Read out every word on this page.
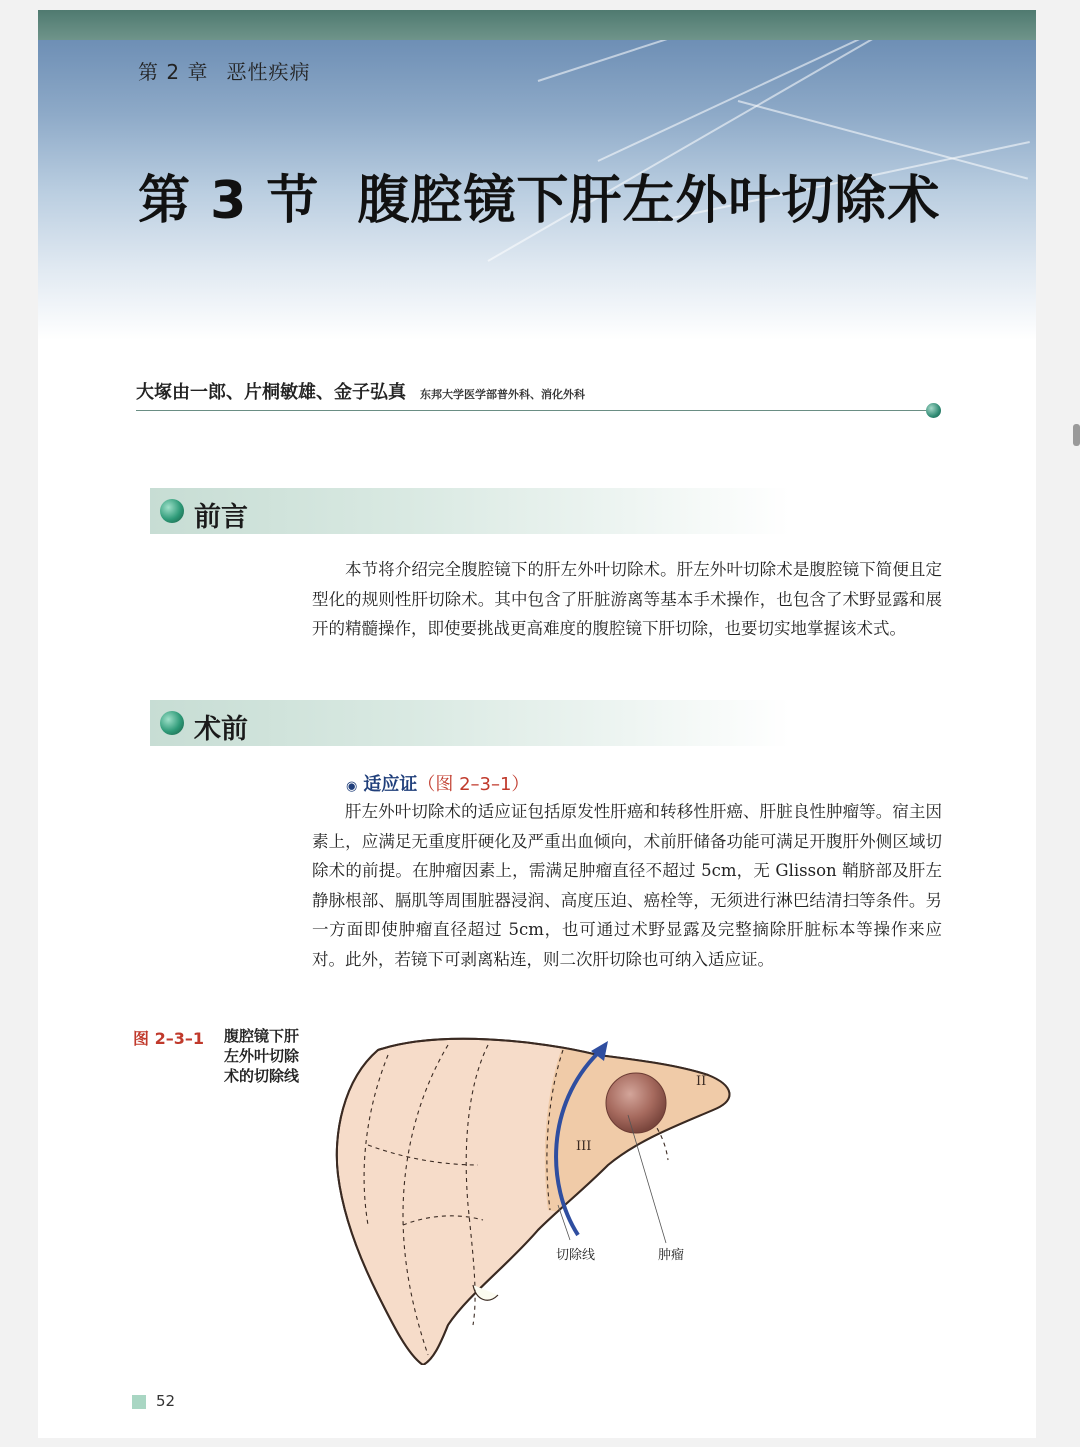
第 2 章 恶性疾病
第 3 节 腹腔镜下肝左外叶切除术
大塚由一郎、片桐敏雄、金子弘真 东邦大学医学部普外科、消化外科
前言

本节将介绍完全腹腔镜下的肝左外叶切除术。肝左外叶切除术是腹腔镜下简便且定型化的规则性肝切除术。其中包含了肝脏游离等基本手术操作，也包含了术野显露和展开的精髓操作，即使要挑战更高难度的腹腔镜下肝切除，也要切实地掌握该术式。

术前
◉ 适应证（图 2–3–1）

肝左外叶切除术的适应证包括原发性肝癌和转移性肝癌、肝脏良性肿瘤等。宿主因素上，应满足无重度肝硬化及严重出血倾向，术前肝储备功能可满足开腹肝外侧区域切除术的前提。在肿瘤因素上，需满足肿瘤直径不超过 5cm，无 Glisson 鞘脐部及肝左静脉根部、膈肌等周围脏器浸润、高度压迫、癌栓等，无须进行淋巴结清扫等条件。另一方面即使肿瘤直径超过 5cm，也可通过术野显露及完整摘除肝脏标本等操作来应对。此外，若镜下可剥离粘连，则二次肝切除也可纳入适应证。

图 2–3–1 腹腔镜下肝左外叶切除术的切除线
III
II
切除线	肿瘤
52
